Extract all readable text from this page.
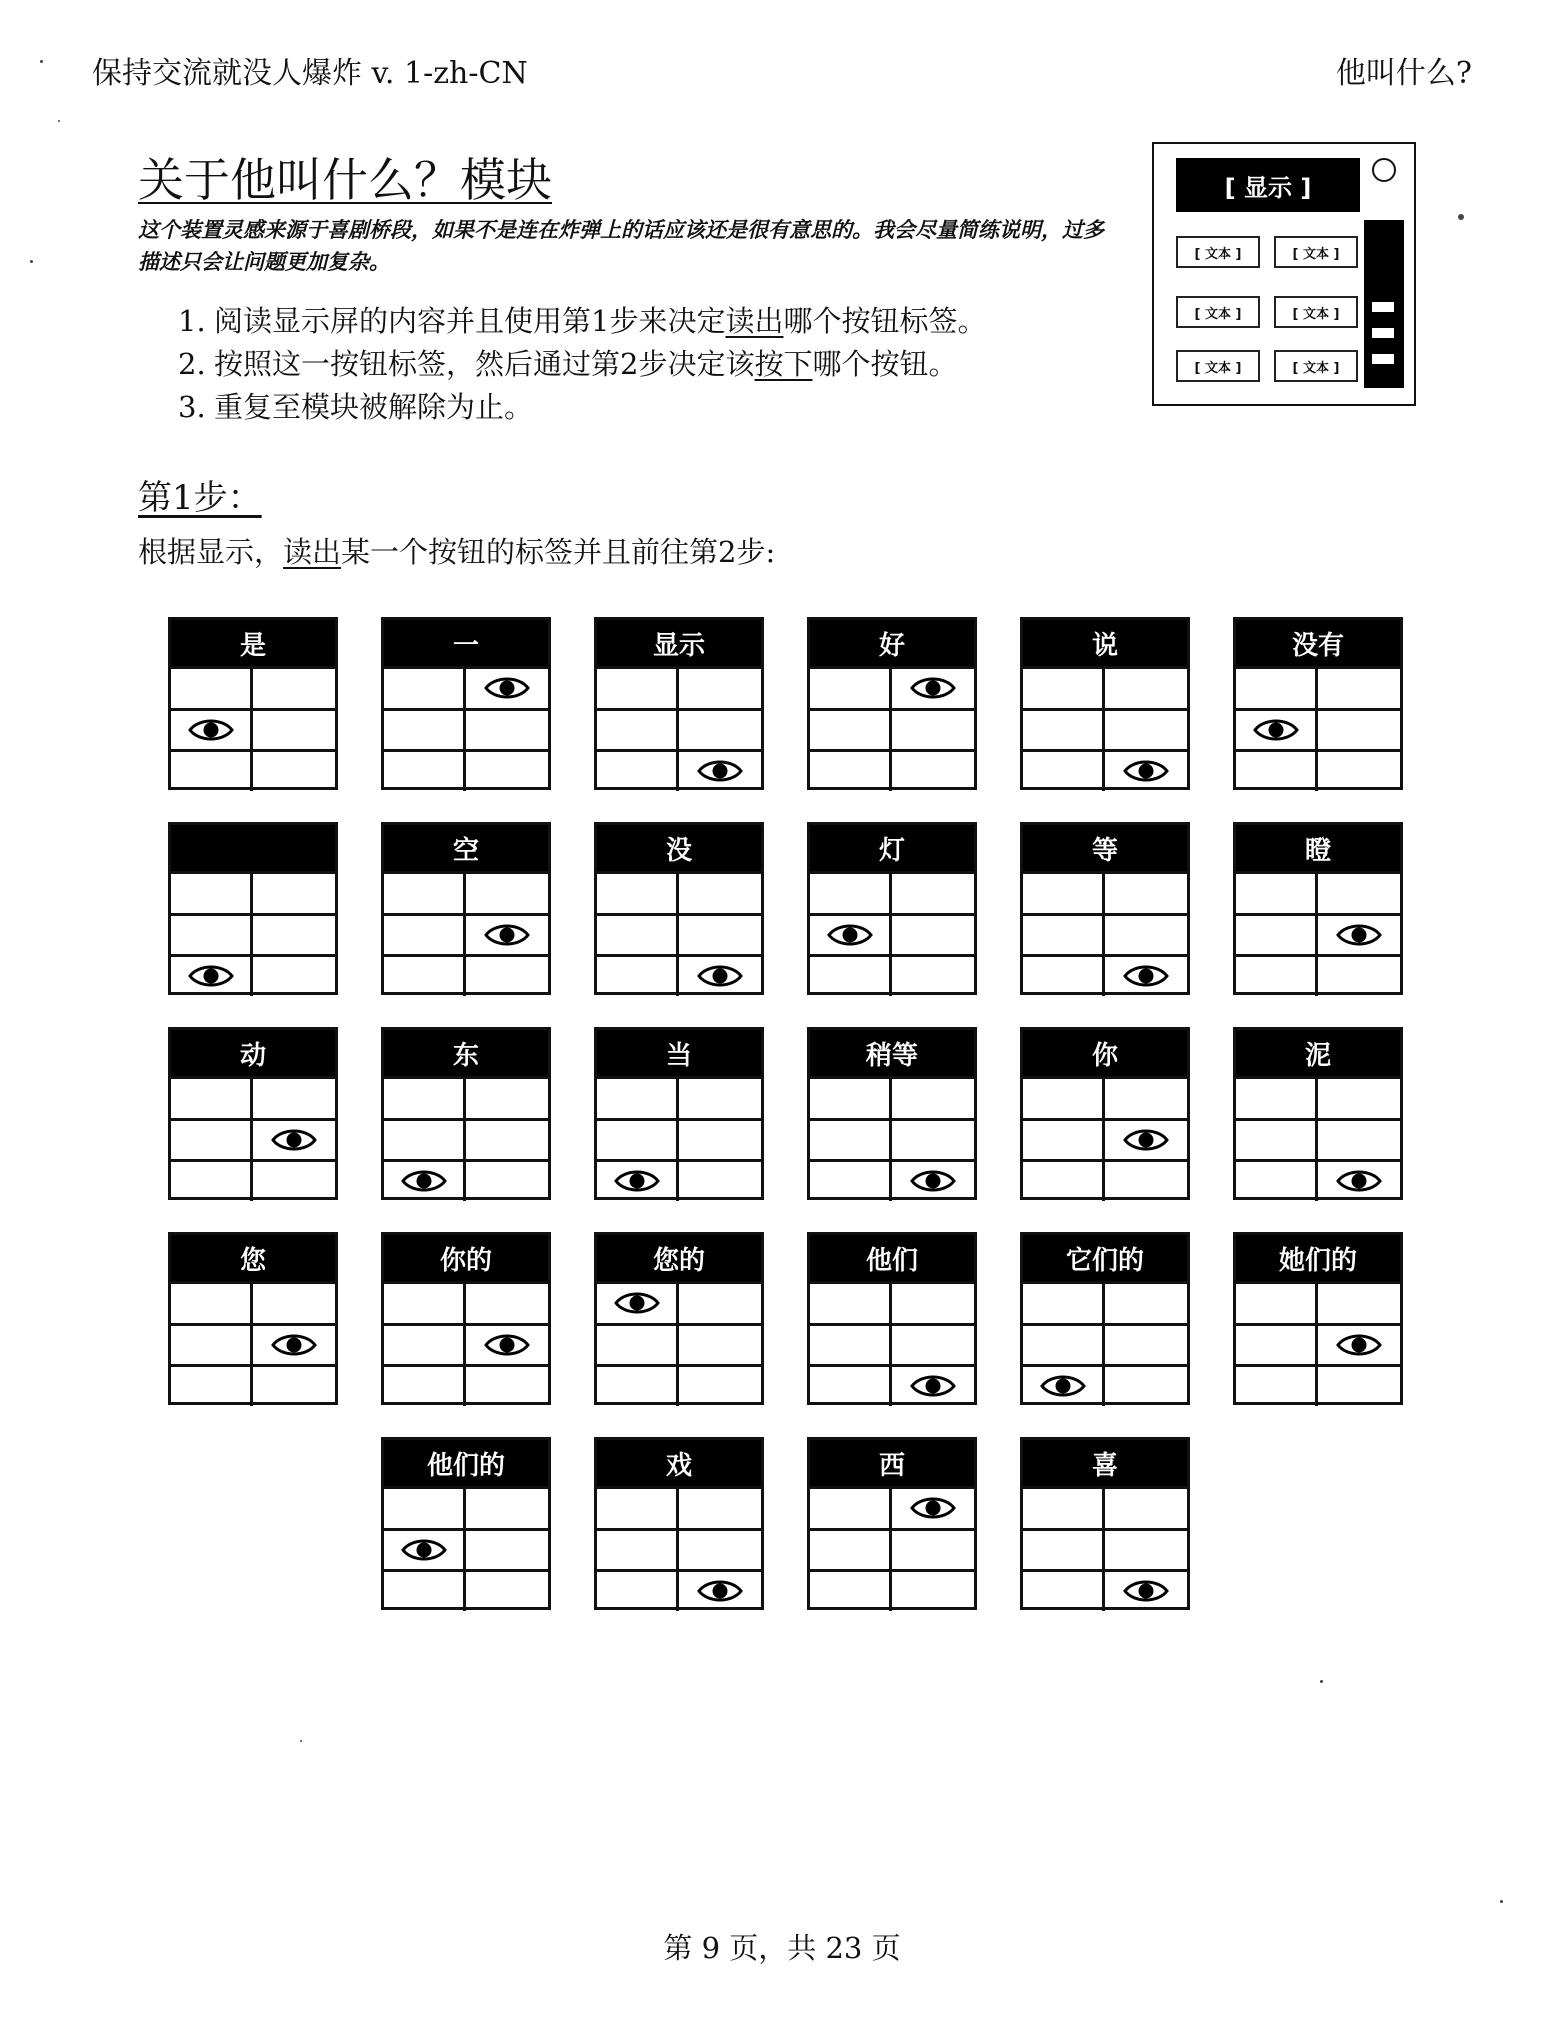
保持交流就没人爆炸 v. 1-zh-CN	他叫什么?
关于他叫什么？模块
这个装置灵感来源于喜剧桥段，如果不是连在炸弹上的话应该还是很有意思的。我会尽量简练说明，过多描述只会让问题更加复杂。
1. 阅读显示屏的内容并且使用第1步来决定读出哪个按钮标签。
2. 按照这一按钮标签，然后通过第2步决定该按下哪个按钮。
3. 重复至模块被解除为止。
[ 显示 ]
[ 文本 ]	[ 文本 ]
[ 文本 ]	[ 文本 ]
[ 文本 ]	[ 文本 ]
第1步：
根据显示，读出某一个按钮的标签并且前往第2步:
是	一	显示	好	说	没有
空	没	灯	等	瞪
动	东	当	稍等	你	泥
您	你的	您的	他们	它们的	她们的
他们的	戏	西	喜
第 9 页，共 23 页
